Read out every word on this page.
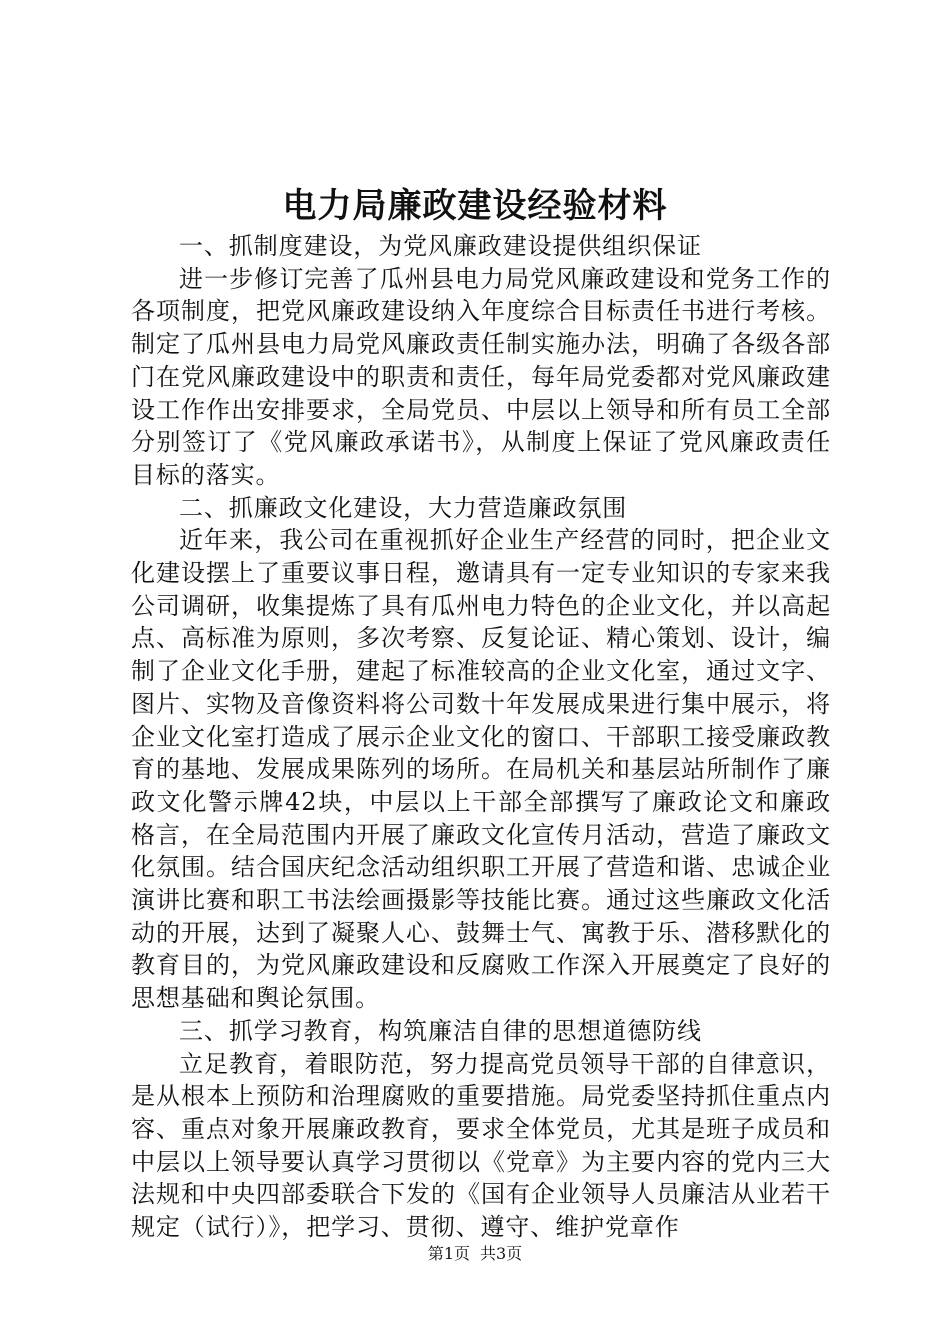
电力局廉政建设经验材料

一、抓制度建设，为党风廉政建设提供组织保证

进一步修订完善了瓜州县电力局党风廉政建设和党务工作的各项制度，把党风廉政建设纳入年度综合目标责任书进行考核。制定了瓜州县电力局党风廉政责任制实施办法，明确了各级各部门在党风廉政建设中的职责和责任，每年局党委都对党风廉政建设工作作出安排要求，全局党员、中层以上领导和所有员工全部分别签订了《党风廉政承诺书》，从制度上保证了党风廉政责任目标的落实。

二、抓廉政文化建设，大力营造廉政氛围

近年来，我公司在重视抓好企业生产经营的同时，把企业文化建设摆上了重要议事日程，邀请具有一定专业知识的专家来我公司调研，收集提炼了具有瓜州电力特色的企业文化，并以高起点、高标准为原则，多次考察、反复论证、精心策划、设计，编制了企业文化手册，建起了标准较高的企业文化室，通过文字、图片、实物及音像资料将公司数十年发展成果进行集中展示，将企业文化室打造成了展示企业文化的窗口、干部职工接受廉政教育的基地、发展成果陈列的场所。在局机关和基层站所制作了廉政文化警示牌42块，中层以上干部全部撰写了廉政论文和廉政格言，在全局范围内开展了廉政文化宣传月活动，营造了廉政文化氛围。结合国庆纪念活动组织职工开展了营造和谐、忠诚企业演讲比赛和职工书法绘画摄影等技能比赛。通过这些廉政文化活动的开展，达到了凝聚人心、鼓舞士气、寓教于乐、潜移默化的教育目的，为党风廉政建设和反腐败工作深入开展奠定了良好的思想基础和舆论氛围。

三、抓学习教育，构筑廉洁自律的思想道德防线

立足教育，着眼防范，努力提高党员领导干部的自律意识，是从根本上预防和治理腐败的重要措施。局党委坚持抓住重点内容、重点对象开展廉政教育，要求全体党员，尤其是班子成员和中层以上领导要认真学习贯彻以《党章》为主要内容的党内三大法规和中央四部委联合下发的《国有企业领导人员廉洁从业若干规定（试行）》，把学习、贯彻、遵守、维护党章作

第1页 共3页
